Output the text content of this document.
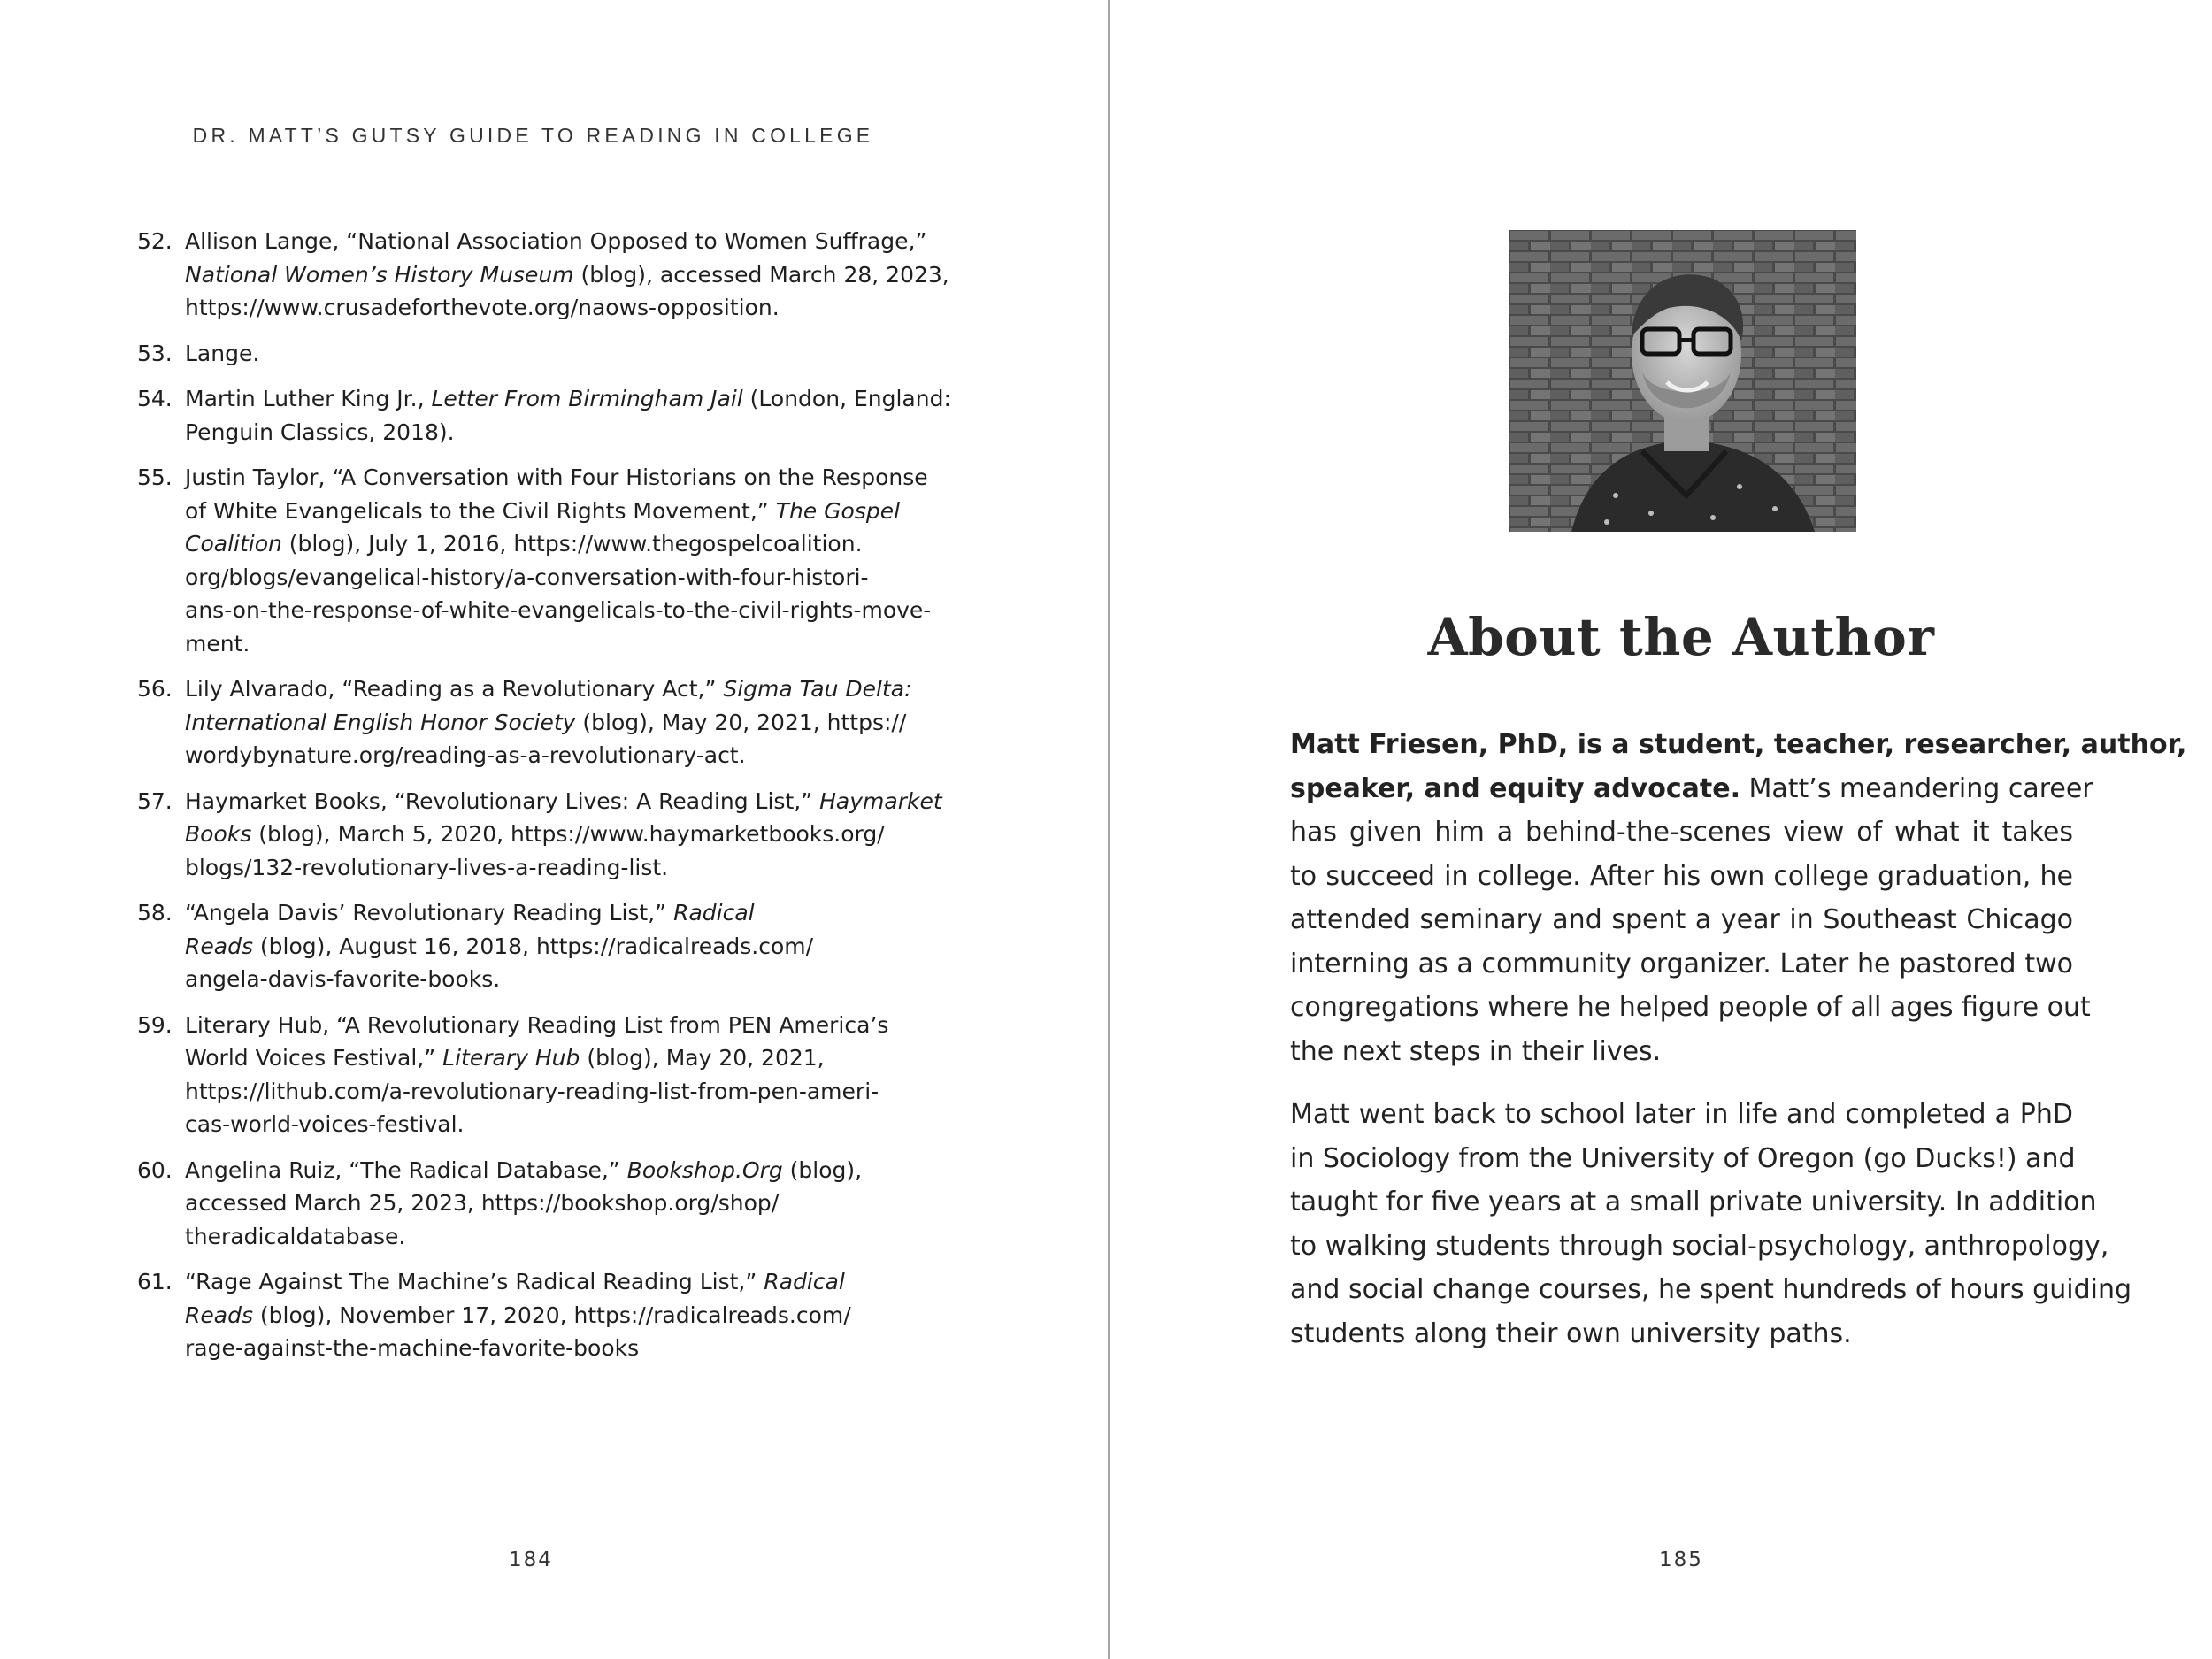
DR. MATT’S GUTSY GUIDE TO READING IN COLLEGE
52. Allison Lange, “National Association Opposed to Women Suffrage,”
National Women’s History Museum (blog), accessed March 28, 2023,
https://www.crusadeforthevote.org/naows-opposition.
53. Lange.
54. Martin Luther King Jr., Letter From Birmingham Jail (London, England:
Penguin Classics, 2018).
55. Justin Taylor, “A Conversation with Four Historians on the Response
of White Evangelicals to the Civil Rights Movement,” The Gospel
Coalition (blog), July 1, 2016, https://www.thegospelcoalition.
org/blogs/evangelical-history/a-conversation-with-four-histori-
ans-on-the-response-of-white-evangelicals-to-the-civil-rights-move-
ment.
56. Lily Alvarado, “Reading as a Revolutionary Act,” Sigma Tau Delta:
International English Honor Society (blog), May 20, 2021, https://
wordybynature.org/reading-as-a-revolutionary-act.
57. Haymarket Books, “Revolutionary Lives: A Reading List,” Haymarket
Books (blog), March 5, 2020, https://www.haymarketbooks.org/
blogs/132-revolutionary-lives-a-reading-list.
58. “Angela Davis’ Revolutionary Reading List,” Radical
Reads (blog), August 16, 2018, https://radicalreads.com/
angela-davis-favorite-books.
59. Literary Hub, “A Revolutionary Reading List from PEN America’s
World Voices Festival,” Literary Hub (blog), May 20, 2021,
https://lithub.com/a-revolutionary-reading-list-from-pen-ameri-
cas-world-voices-festival.
60. Angelina Ruiz, “The Radical Database,” Bookshop.Org (blog),
accessed March 25, 2023, https://bookshop.org/shop/
theradicaldatabase.
61. “Rage Against The Machine’s Radical Reading List,” Radical
Reads (blog), November 17, 2020, https://radicalreads.com/
rage-against-the-machine-favorite-books
184
About the Author
Matt Friesen, PhD, is a student, teacher, researcher, author,
speaker, and equity advocate. Matt’s meandering career
has given him a behind-the-scenes view of what it takes
to succeed in college. After his own college graduation, he
attended seminary and spent a year in Southeast Chicago
interning as a community organizer. Later he pastored two
congregations where he helped people of all ages figure out
the next steps in their lives.
Matt went back to school later in life and completed a PhD
in Sociology from the University of Oregon (go Ducks!) and
taught for five years at a small private university. In addition
to walking students through social-psychology, anthropology,
and social change courses, he spent hundreds of hours guiding
students along their own university paths.
185
